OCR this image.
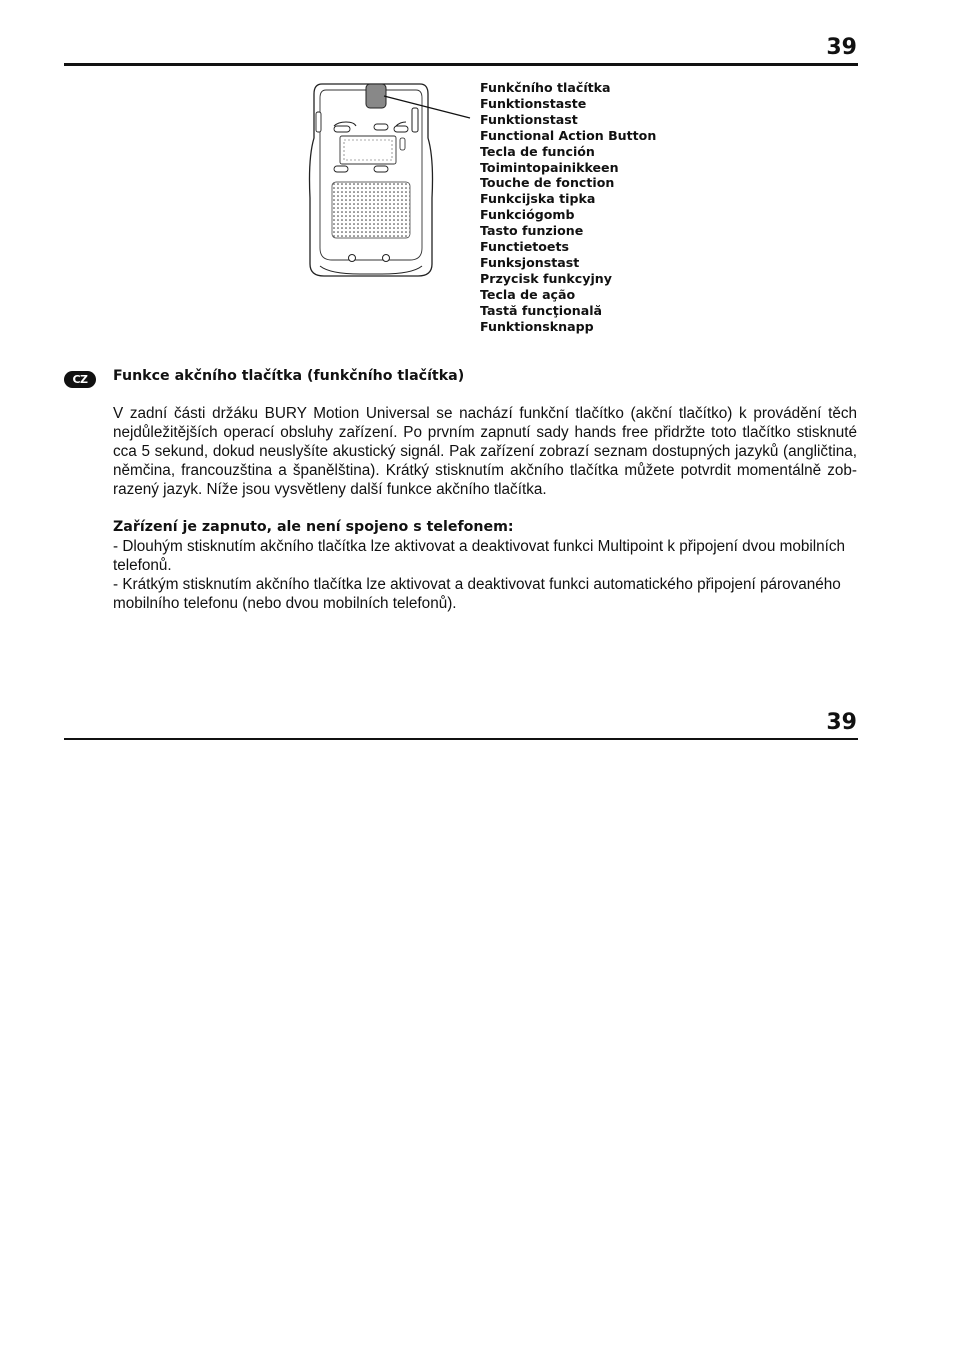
39
Funkčního tlačítka
Funktionstaste
Funktionstast
Functional Action Button
Tecla de función
Toimintopainikkeen
Touche de fonction
Funkcijska tipka
Funkciógomb
Tasto funzione
Functietoets
Funksjonstast
Przycisk funkcyjny
Tecla de ação
Tastă funcţională
Funktionsknapp
CZ	Funkce akčního tlačítka (funkčního tlačítka)

V zadní části držáku BURY Motion Universal se nachází funkční tlačítko (akční tlačítko) k provádění těch nejdůležitějších operací obsluhy zařízení. Po prvním zapnutí sady hands free přidržte toto tlačítko stisknuté cca 5 sekund, dokud neuslyšíte akustický signál. Pak zařízení zobrazí seznam dostupných jazyků (angličtina, němčina, francouzština a španělština). Krátký stisknutím akčního tlačítka můžete potvrdit momentálně zobrazený jazyk. Níže jsou vysvětleny další funkce akčního tlačítka.

Zařízení je zapnuto, ale není spojeno s telefonem:

- Dlouhým stisknutím akčního tlačítka lze aktivovat a deaktivovat funkci Multipoint k připojení dvou mobilních telefonů.

- Krátkým stisknutím akčního tlačítka lze aktivovat a deaktivovat funkci automatického připojení párovaného mobilního telefonu (nebo dvou mobilních telefonů).

39
